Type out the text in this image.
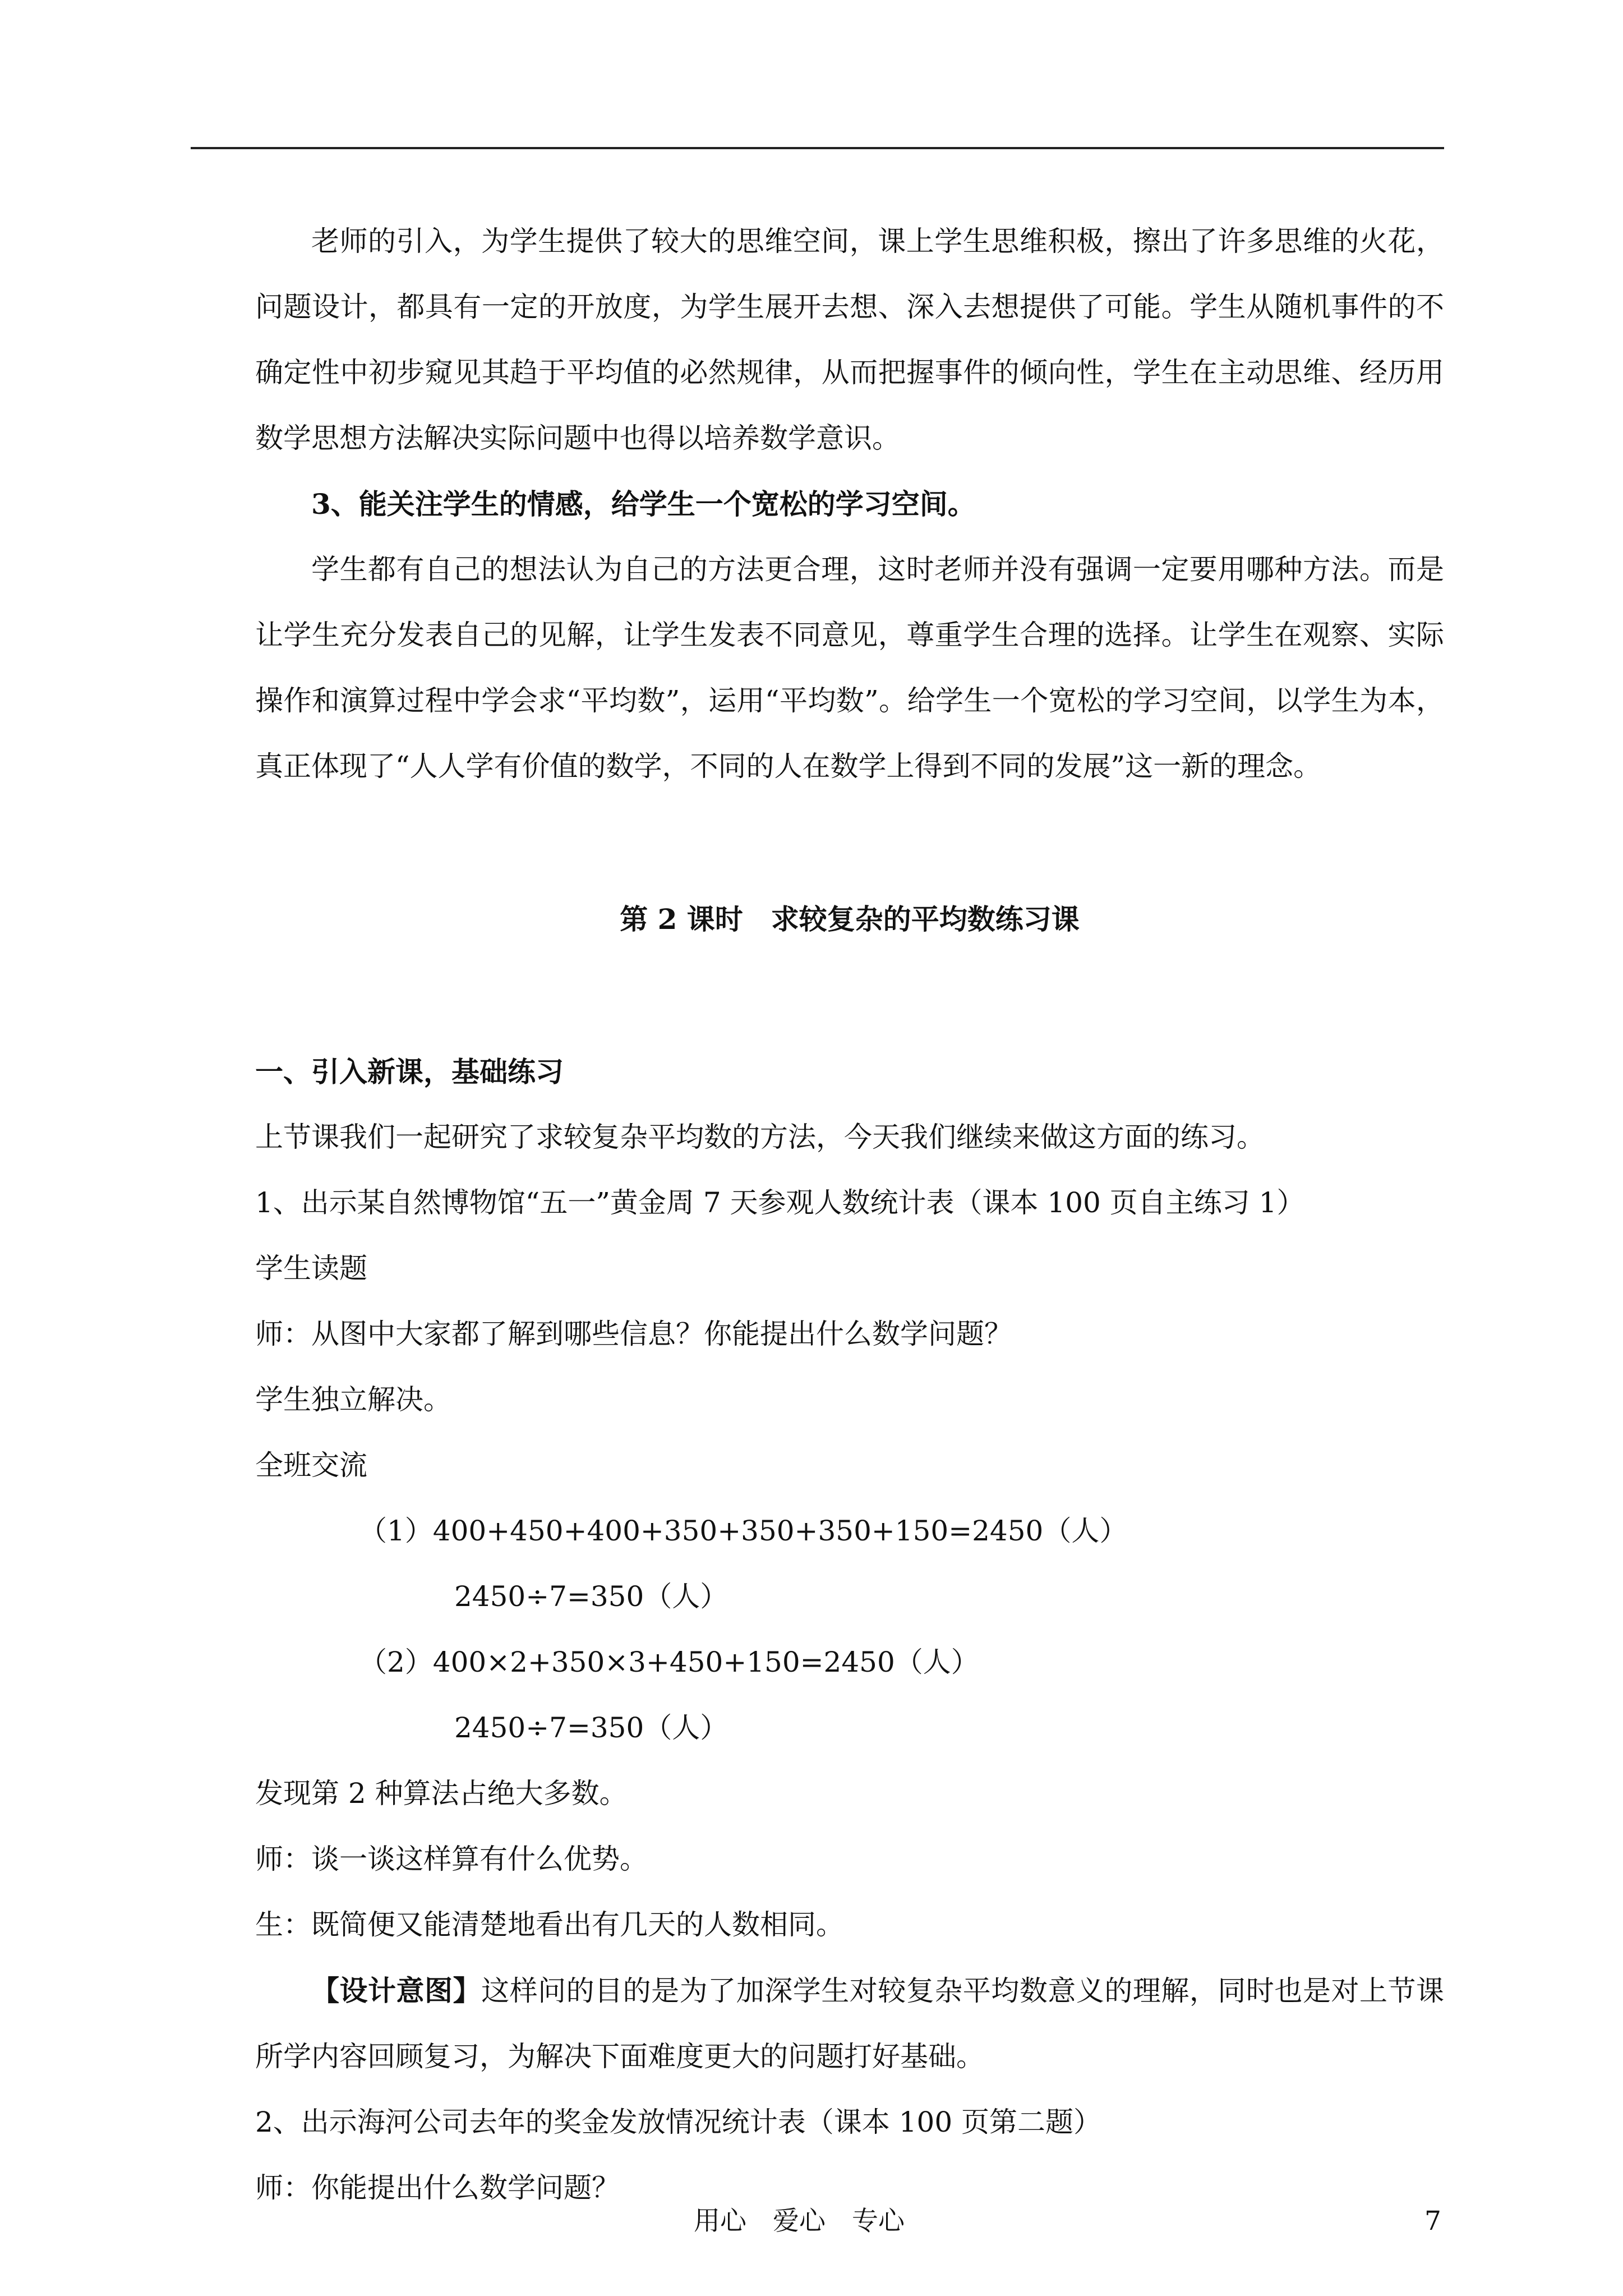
老师的引入，为学生提供了较大的思维空间，课上学生思维积极，擦出了许多思维的火花，问题设计，都具有一定的开放度，为学生展开去想、深入去想提供了可能。学生从随机事件的不确定性中初步窥见其趋于平均值的必然规律，从而把握事件的倾向性，学生在主动思维、经历用数学思想方法解决实际问题中也得以培养数学意识。

3、能关注学生的情感，给学生一个宽松的学习空间。

学生都有自己的想法认为自己的方法更合理，这时老师并没有强调一定要用哪种方法。而是让学生充分发表自己的见解，让学生发表不同意见，尊重学生合理的选择。让学生在观察、实际操作和演算过程中学会求“平均数”，运用“平均数”。给学生一个宽松的学习空间，以学生为本，真正体现了“人人学有价值的数学，不同的人在数学上得到不同的发展”这一新的理念。

第 2 课时　求较复杂的平均数练习课

一、引入新课，基础练习

上节课我们一起研究了求较复杂平均数的方法，今天我们继续来做这方面的练习。

1、出示某自然博物馆“五一”黄金周 7 天参观人数统计表（课本 100 页自主练习 1）

学生读题

师：从图中大家都了解到哪些信息？你能提出什么数学问题？

学生独立解决。

全班交流

（1）400+450+400+350+350+350+150=2450（人）

2450÷7=350（人）

（2）400×2+350×3+450+150=2450（人）

2450÷7=350（人）

发现第 2 种算法占绝大多数。

师：谈一谈这样算有什么优势。

生：既简便又能清楚地看出有几天的人数相同。

【设计意图】这样问的目的是为了加深学生对较复杂平均数意义的理解，同时也是对上节课所学内容回顾复习，为解决下面难度更大的问题打好基础。

2、出示海河公司去年的奖金发放情况统计表（课本 100 页第二题）

师：你能提出什么数学问题？

用心　爱心　专心	7
